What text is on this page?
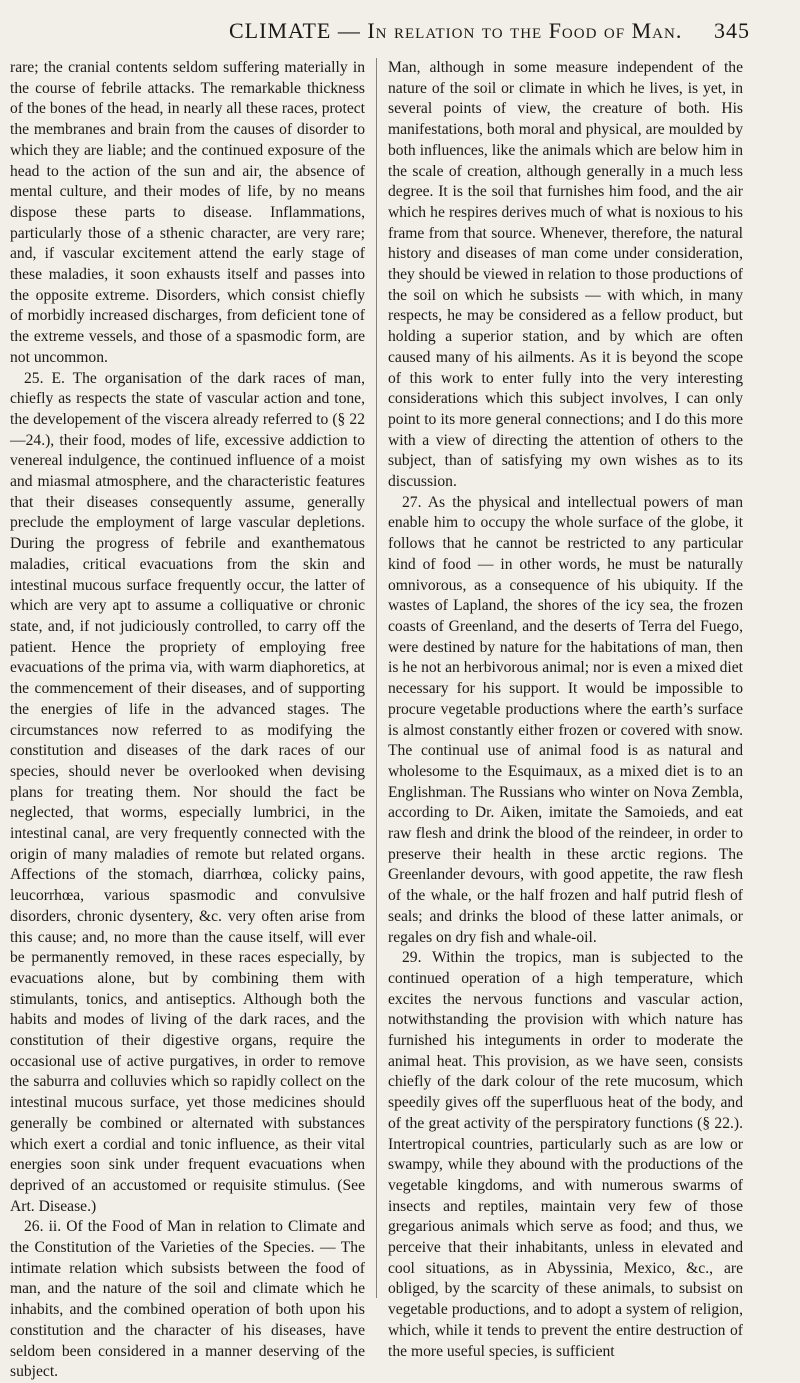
CLIMATE — In relation to the Food of Man. 345

rare; the cranial contents seldom suffering materially in the course of febrile attacks. The remarkable thickness of the bones of the head, in nearly all these races, protect the membranes and brain from the causes of disorder to which they are liable; and the continued exposure of the head to the action of the sun and air, the absence of mental culture, and their modes of life, by no means dispose these parts to disease. Inflammations, particularly those of a sthenic character, are very rare; and, if vascular excitement attend the early stage of these maladies, it soon exhausts itself and passes into the opposite extreme. Disorders, which consist chiefly of morbidly increased discharges, from deficient tone of the extreme vessels, and those of a spasmodic form, are not uncommon.

25. E. The organisation of the dark races of man, chiefly as respects the state of vascular action and tone, the developement of the viscera already referred to (§ 22—24.), their food, modes of life, excessive addiction to venereal indulgence, the continued influence of a moist and miasmal atmosphere, and the characteristic features that their diseases consequently assume, generally preclude the employment of large vascular depletions. During the progress of febrile and exanthematous maladies, critical evacuations from the skin and intestinal mucous surface frequently occur, the latter of which are very apt to assume a colliquative or chronic state, and, if not judiciously controlled, to carry off the patient. Hence the propriety of employing free evacuations of the prima via, with warm diaphoretics, at the commencement of their diseases, and of supporting the energies of life in the advanced stages. The circumstances now referred to as modifying the constitution and diseases of the dark races of our species, should never be overlooked when devising plans for treating them. Nor should the fact be neglected, that worms, especially lumbrici, in the intestinal canal, are very frequently connected with the origin of many maladies of remote but related organs. Affections of the stomach, diarrhœa, colicky pains, leucorrhœa, various spasmodic and convulsive disorders, chronic dysentery, &c. very often arise from this cause; and, no more than the cause itself, will ever be permanently removed, in these races especially, by evacuations alone, but by combining them with stimulants, tonics, and antiseptics. Although both the habits and modes of living of the dark races, and the constitution of their digestive organs, require the occasional use of active purgatives, in order to remove the saburra and colluvies which so rapidly collect on the intestinal mucous surface, yet those medicines should generally be combined or alternated with substances which exert a cordial and tonic influence, as their vital energies soon sink under frequent evacuations when deprived of an accustomed or requisite stimulus. (See Art. Disease.)

26. ii. Of the Food of Man in relation to Climate and the Constitution of the Varieties of the Species. — The intimate relation which subsists between the food of man, and the nature of the soil and climate which he inhabits, and the combined operation of both upon his constitution and the character of his diseases, have seldom been considered in a manner deserving of the subject.

Man, although in some measure independent of the nature of the soil or climate in which he lives, is yet, in several points of view, the creature of both. His manifestations, both moral and physical, are moulded by both influences, like the animals which are below him in the scale of creation, although generally in a much less degree. It is the soil that furnishes him food, and the air which he respires derives much of what is noxious to his frame from that source. Whenever, therefore, the natural history and diseases of man come under consideration, they should be viewed in relation to those productions of the soil on which he subsists — with which, in many respects, he may be considered as a fellow product, but holding a superior station, and by which are often caused many of his ailments. As it is beyond the scope of this work to enter fully into the very interesting considerations which this subject involves, I can only point to its more general connections; and I do this more with a view of directing the attention of others to the subject, than of satisfying my own wishes as to its discussion.

27. As the physical and intellectual powers of man enable him to occupy the whole surface of the globe, it follows that he cannot be restricted to any particular kind of food — in other words, he must be naturally omnivorous, as a consequence of his ubiquity. If the wastes of Lapland, the shores of the icy sea, the frozen coasts of Greenland, and the deserts of Terra del Fuego, were destined by nature for the habitations of man, then is he not an herbivorous animal; nor is even a mixed diet necessary for his support. It would be impossible to procure vegetable productions where the earth’s surface is almost constantly either frozen or covered with snow. The continual use of animal food is as natural and wholesome to the Esquimaux, as a mixed diet is to an Englishman. The Russians who winter on Nova Zembla, according to Dr. Aiken, imitate the Samoieds, and eat raw flesh and drink the blood of the reindeer, in order to preserve their health in these arctic regions. The Greenlander devours, with good appetite, the raw flesh of the whale, or the half frozen and half putrid flesh of seals; and drinks the blood of these latter animals, or regales on dry fish and whale-oil.

29. Within the tropics, man is subjected to the continued operation of a high temperature, which excites the nervous functions and vascular action, notwithstanding the provision with which nature has furnished his integuments in order to moderate the animal heat. This provision, as we have seen, consists chiefly of the dark colour of the rete mucosum, which speedily gives off the superfluous heat of the body, and of the great activity of the perspiratory functions (§ 22.). Intertropical countries, particularly such as are low or swampy, while they abound with the productions of the vegetable kingdoms, and with numerous swarms of insects and reptiles, maintain very few of those gregarious animals which serve as food; and thus, we perceive that their inhabitants, unless in elevated and cool situations, as in Abyssinia, Mexico, &c., are obliged, by the scarcity of these animals, to subsist on vegetable productions, and to adopt a system of religion, which, while it tends to prevent the entire destruction of the more useful species, is sufficient
